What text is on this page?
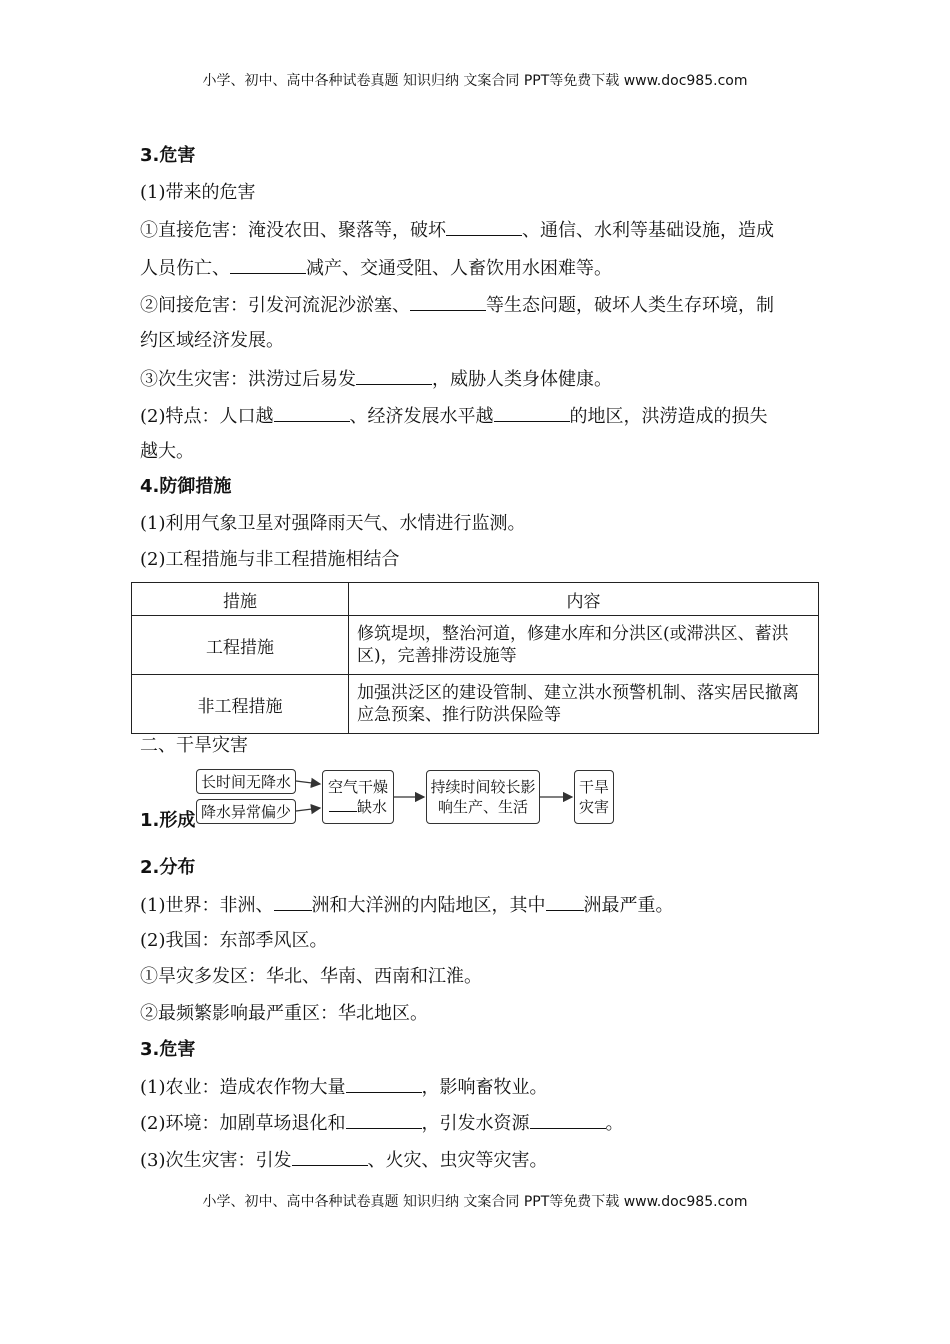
小学、初中、高中各种试卷真题 知识归纳 文案合同 PPT等免费下载 www.doc985.com
3.危害
(1)带来的危害
①直接危害：淹没农田、聚落等，破坏	、通信、水利等基础设施，造成
人员伤亡、	减产、交通受阻、人畜饮用水困难等。
②间接危害：引发河流泥沙淤塞、	等生态问题，破坏人类生存环境，制
约区域经济发展。
③次生灾害：洪涝过后易发	，威胁人类身体健康。
(2)特点：人口越	、经济发展水平越	的地区，洪涝造成的损失
越大。
4.防御措施
(1)利用气象卫星对强降雨天气、水情进行监测。
(2)工程措施与非工程措施相结合
措施	内容
工程措施	修筑堤坝，整治河道，修建水库和分洪区(或滞洪区、蓄洪区)，完善排涝设施等
非工程措施	加强洪泛区的建设管制、建立洪水预警机制、落实居民撤离应急预案、推行防洪保险等
二、干旱灾害
长时间无降水
降水异常偏少
空气干燥
缺水
持续时间较长影响生产、生活
干旱灾害
1.形成
2.分布
(1)世界：非洲、 洲和大洋洲的内陆地区，其中 洲最严重。
(2)我国：东部季风区。
①旱灾多发区：华北、华南、西南和江淮。
②最频繁影响最严重区：华北地区。
3.危害
(1)农业：造成农作物大量	，影响畜牧业。
(2)环境：加剧草场退化和	，引发水资源	。
(3)次生灾害：引发	、火灾、虫灾等灾害。
小学、初中、高中各种试卷真题 知识归纳 文案合同 PPT等免费下载 www.doc985.com
